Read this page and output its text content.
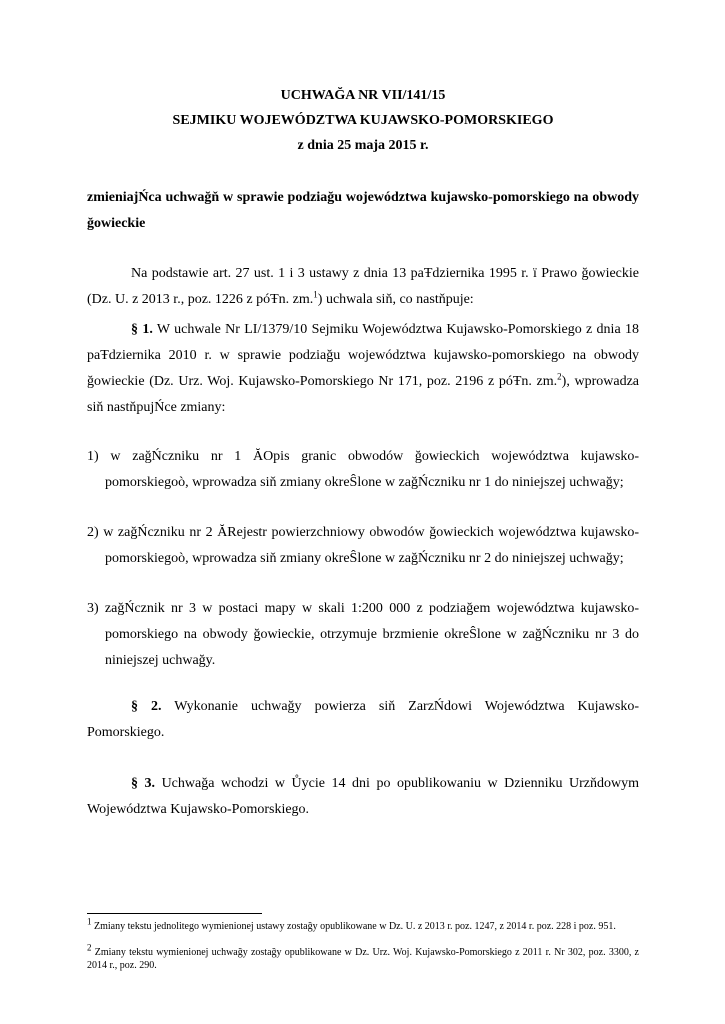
UCHWAĞA NR VII/141/15
SEJMIKU WOJEWÓDZTWA KUJAWSKO-POMORSKIEGO
z dnia 25 maja 2015 r.
zmieniajŃca uchwağň w sprawie podziağu województwa kujawsko-pomorskiego na obwody ğowieckie
Na podstawie art. 27 ust. 1 i 3 ustawy z dnia 13 paŦdziernika 1995 r. ï Prawo ğowieckie (Dz. U. z 2013 r., poz. 1226 z póŦn. zm.$^1$) uchwala siň, co nastňpuje:
§ 1. W uchwale Nr LI/1379/10 Sejmiku Województwa Kujawsko-Pomorskiego z dnia 18 paŦdziernika 2010 r. w sprawie podziağu województwa kujawsko-pomorskiego na obwody ğowieckie (Dz. Urz. Woj. Kujawsko-Pomorskiego Nr 171, poz. 2196 z póŦn. zm.$^2$), wprowadza siň nastňpujŃce zmiany:
1) w zağŃczniku nr 1 ĂOpis granic obwodów ğowieckich województwa kujawsko-pomorskiegoò, wprowadza siň zmiany okreŜlone w zağŃczniku nr 1 do niniejszej uchwağy;
2) w zağŃczniku nr 2 ĂRejestr powierzchniowy obwodów ğowieckich województwa kujawsko-pomorskiegoò, wprowadza siň zmiany okreŜlone w zağŃczniku nr 2 do niniejszej uchwağy;
3) zağŃcznik nr 3 w postaci mapy w skali 1:200 000 z podziağem województwa kujawsko-pomorskiego na obwody ğowieckie, otrzymuje brzmienie okreŜlone w zağŃczniku nr 3 do niniejszej uchwağy.
§ 2. Wykonanie uchwağy powierza siň ZarzŃdowi Województwa Kujawsko-Pomorskiego.
§ 3. Uchwağa wchodzi w Ůycie 14 dni po opublikowaniu w Dzienniku Urzňdowym Województwa Kujawsko-Pomorskiego.
$^1$ Zmiany tekstu jednolitego wymienionej ustawy zostağy opublikowane w Dz. U. z 2013 r. poz. 1247, z 2014 r. poz. 228 i poz. 951.
$^2$ Zmiany tekstu wymienionej uchwağy zostağy opublikowane w Dz. Urz. Woj. Kujawsko-Pomorskiego z 2011 r. Nr 302, poz. 3300, z 2014 r., poz. 290.
